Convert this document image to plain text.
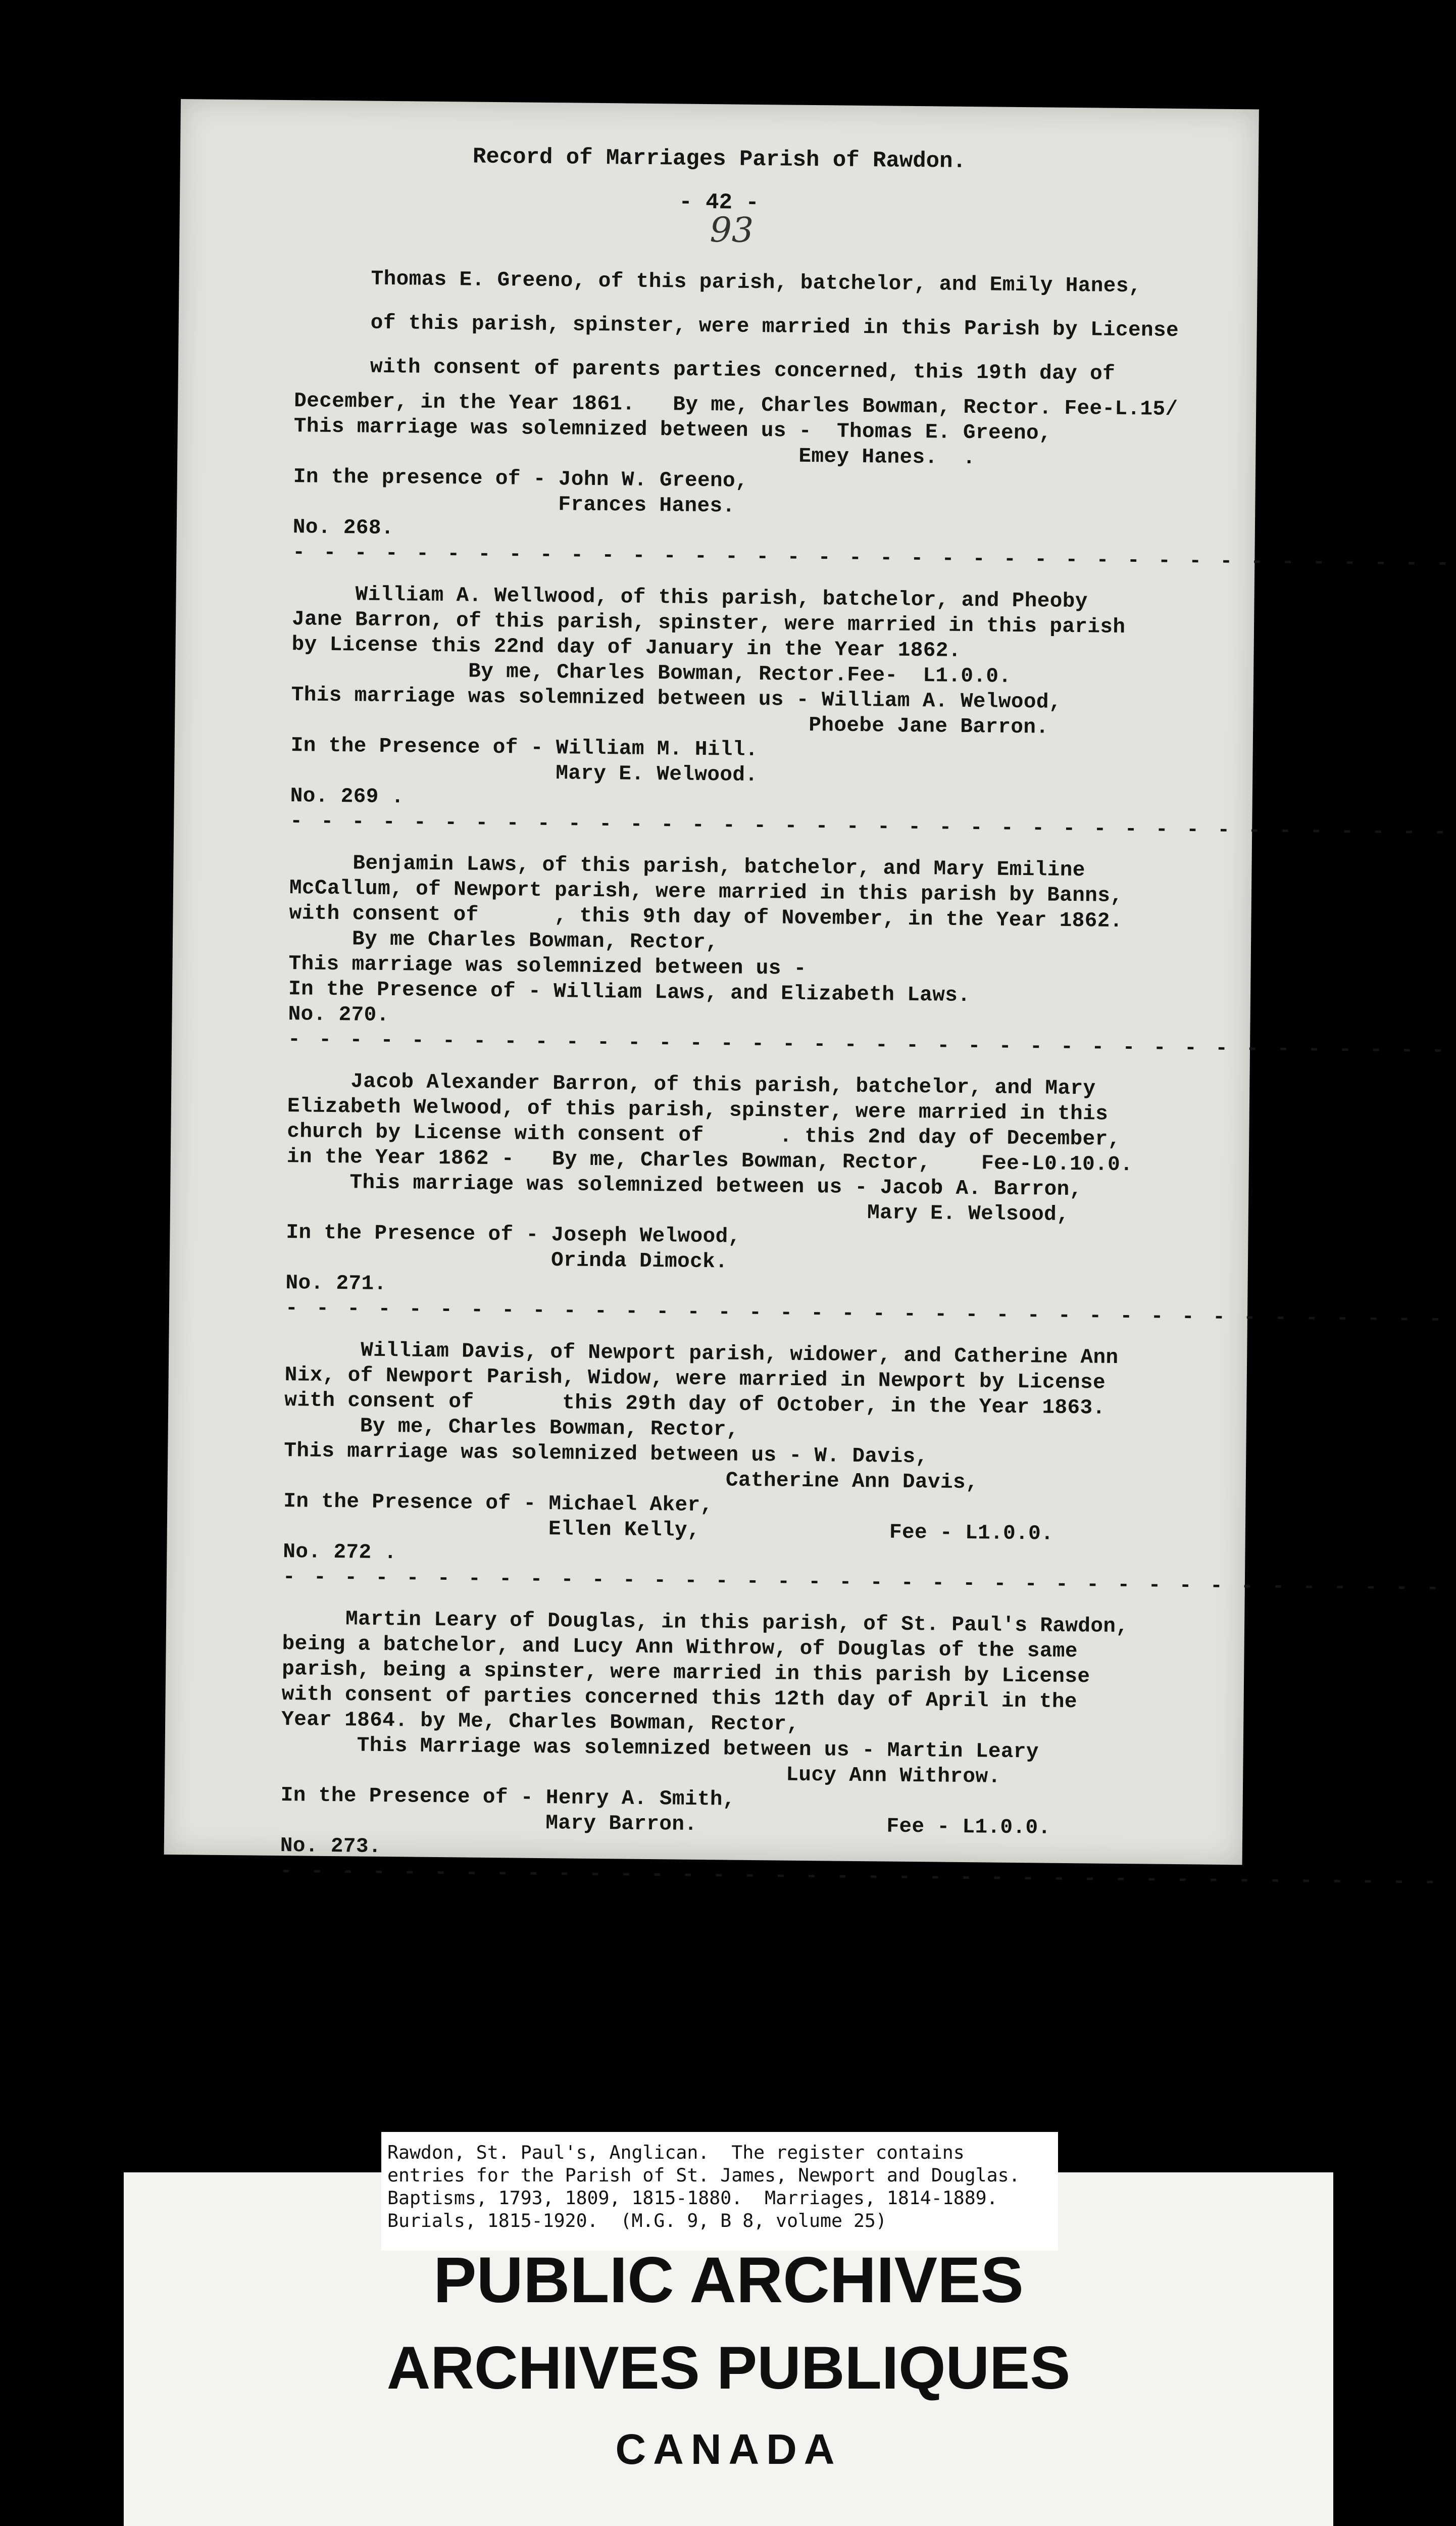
Record of Marriages Parish of Rawdon.
- 42 -
93
Thomas E. Greeno, of this parish, batchelor, and Emily Hanes,
of this parish, spinster, were married in this Parish by License
with consent of parents parties concerned, this 19th day of
December, in the Year 1861.   By me, Charles Bowman, Rector. Fee-L.15/
This marriage was solemnized between us -  Thomas E. Greeno,
Emey Hanes.  .
In the presence of - John W. Greeno,
Frances Hanes.
No. 268.
- - - - - - - - - - - - - - - - - - - - - - - - - - - - - - - - - - - - - -
William A. Wellwood, of this parish, batchelor, and Pheoby
Jane Barron, of this parish, spinster, were married in this parish
by License this 22nd day of January in the Year 1862.
By me, Charles Bowman, Rector.Fee-  L1.0.0.
This marriage was solemnized between us - William A. Welwood,
Phoebe Jane Barron.
In the Presence of - William M. Hill.
Mary E. Welwood.
No. 269 .
- - - - - - - - - - - - - - - - - - - - - - - - - - - - - - - - - - - - - -
Benjamin Laws, of this parish, batchelor, and Mary Emiline
McCallum, of Newport parish, were married in this parish by Banns,
with consent of      , this 9th day of November, in the Year 1862.
By me Charles Bowman, Rector,
This marriage was solemnized between us -
In the Presence of - William Laws, and Elizabeth Laws.
No. 270.
- - - - - - - - - - - - - - - - - - - - - - - - - - - - - - - - - - - - - -
Jacob Alexander Barron, of this parish, batchelor, and Mary
Elizabeth Welwood, of this parish, spinster, were married in this
church by License with consent of      . this 2nd day of December,
in the Year 1862 -   By me, Charles Bowman, Rector,    Fee-L0.10.0.
This marriage was solemnized between us - Jacob A. Barron,
Mary E. Welsood,
In the Presence of - Joseph Welwood,
Orinda Dimock.
No. 271.
- - - - - - - - - - - - - - - - - - - - - - - - - - - - - - - - - - - - - -
William Davis, of Newport parish, widower, and Catherine Ann
Nix, of Newport Parish, Widow, were married in Newport by License
with consent of       this 29th day of October, in the Year 1863.
By me, Charles Bowman, Rector,
This marriage was solemnized between us - W. Davis,
Catherine Ann Davis,
In the Presence of - Michael Aker,
Ellen Kelly,               Fee - L1.0.0.
No. 272 .
- - - - - - - - - - - - - - - - - - - - - - - - - - - - - - - - - - - - - -
Martin Leary of Douglas, in this parish, of St. Paul's Rawdon,
being a batchelor, and Lucy Ann Withrow, of Douglas of the same
parish, being a spinster, were married in this parish by License
with consent of parties concerned this 12th day of April in the
Year 1864. by Me, Charles Bowman, Rector,
This Marriage was solemnized between us - Martin Leary
Lucy Ann Withrow.
In the Presence of - Henry A. Smith,
Mary Barron.               Fee - L1.0.0.
No. 273.
- - - - - - - - - - - - - - - - - - - - - - - - - - - - - - - - - - - - - -
Rawdon, St. Paul's, Anglican.  The register contains
entries for the Parish of St. James, Newport and Douglas.
Baptisms, 1793, 1809, 1815-1880.  Marriages, 1814-1889.
Burials, 1815-1920.  (M.G. 9, B 8, volume 25)
PUBLIC ARCHIVES
ARCHIVES PUBLIQUES
CANADA
